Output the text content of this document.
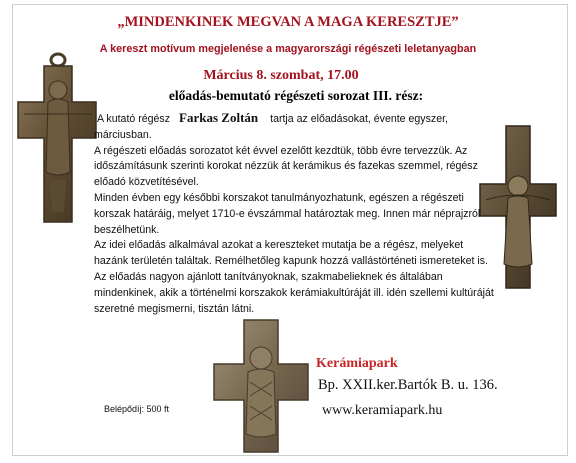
„MINDENKINEK MEGVAN A MAGA KERESZTJE”
A kereszt motívum megjelenése a magyarországi régészeti leletanyagban
Március 8. szombat, 17.00
előadás-bemutató régészeti sorozat III. rész:

A kutató régész Farkas Zoltán tartja az előadásokat, évente egyszer,

márciusban.

A régészeti előadás sorozatot két évvel ezelőtt kezdtük, több évre tervezzük. Az időszámításunk szerinti korokat nézzük át kerámikus és fazekas szemmel, régész előadó közvetítésével.

Minden évben egy későbbi korszakot tanulmányozhatunk, egészen a régészeti korszak határáig, melyet 1710-e évszámmal határoztak meg. Innen már néprajzról beszélhetünk.

Az idei előadás alkalmával azokat a kereszteket mutatja be a régész, melyeket hazánk területén találtak. Remélhetőleg kapunk hozzá vallástörténeti ismereteket is.

Az előadás nagyon ajánlott tanítványoknak, szakmabelieknek és általában mindenkinek, akik a történelmi korszakok kerámiakultúráját ill. idén szellemi kultúráját szeretné megismerni, tisztán látni.

Kerámiapark
Bp. XXII.ker.Bartók B. u. 136.
www.keramiapark.hu
Belépődíj: 500 ft
